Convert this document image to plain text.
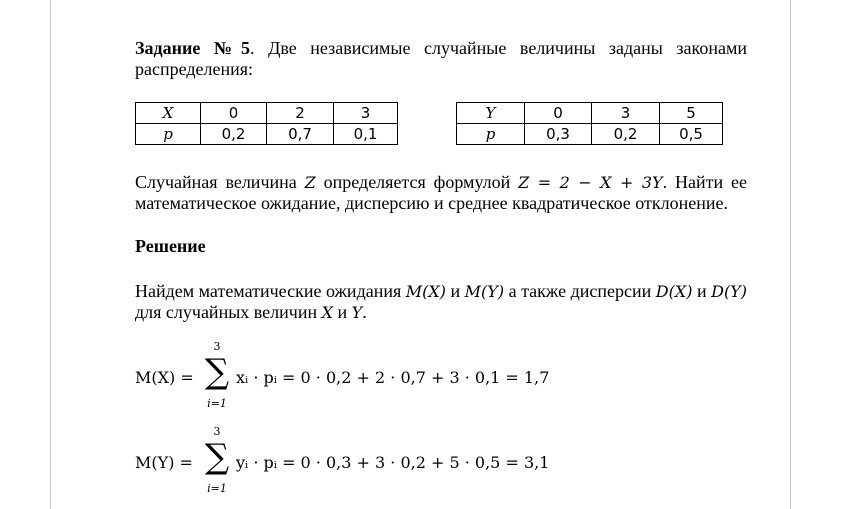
Задание №5. Две независимые случайные величины заданы законами распределения:

X	0	2	3
p	0,2	0,7	0,1
Y	0	3	5
p	0,3	0,2	0,5

Случайная величина Z определяется формулой Z = 2 − X + 3Y. Найти ее математическое ожидание, дисперсию и среднее квадратическое отклонение.

Решение

Найдем математические ожидания M(X) и M(Y) а также дисперсии D(X) и D(Y) для случайных величин X и Y.

M(X) =
3
∑
i=1
xᵢ · pᵢ = 0 · 0,2 + 2 · 0,7 + 3 · 0,1 = 1,7
M(Y) =
3
∑
i=1
yᵢ · pᵢ = 0 · 0,3 + 3 · 0,2 + 5 · 0,5 = 3,1
